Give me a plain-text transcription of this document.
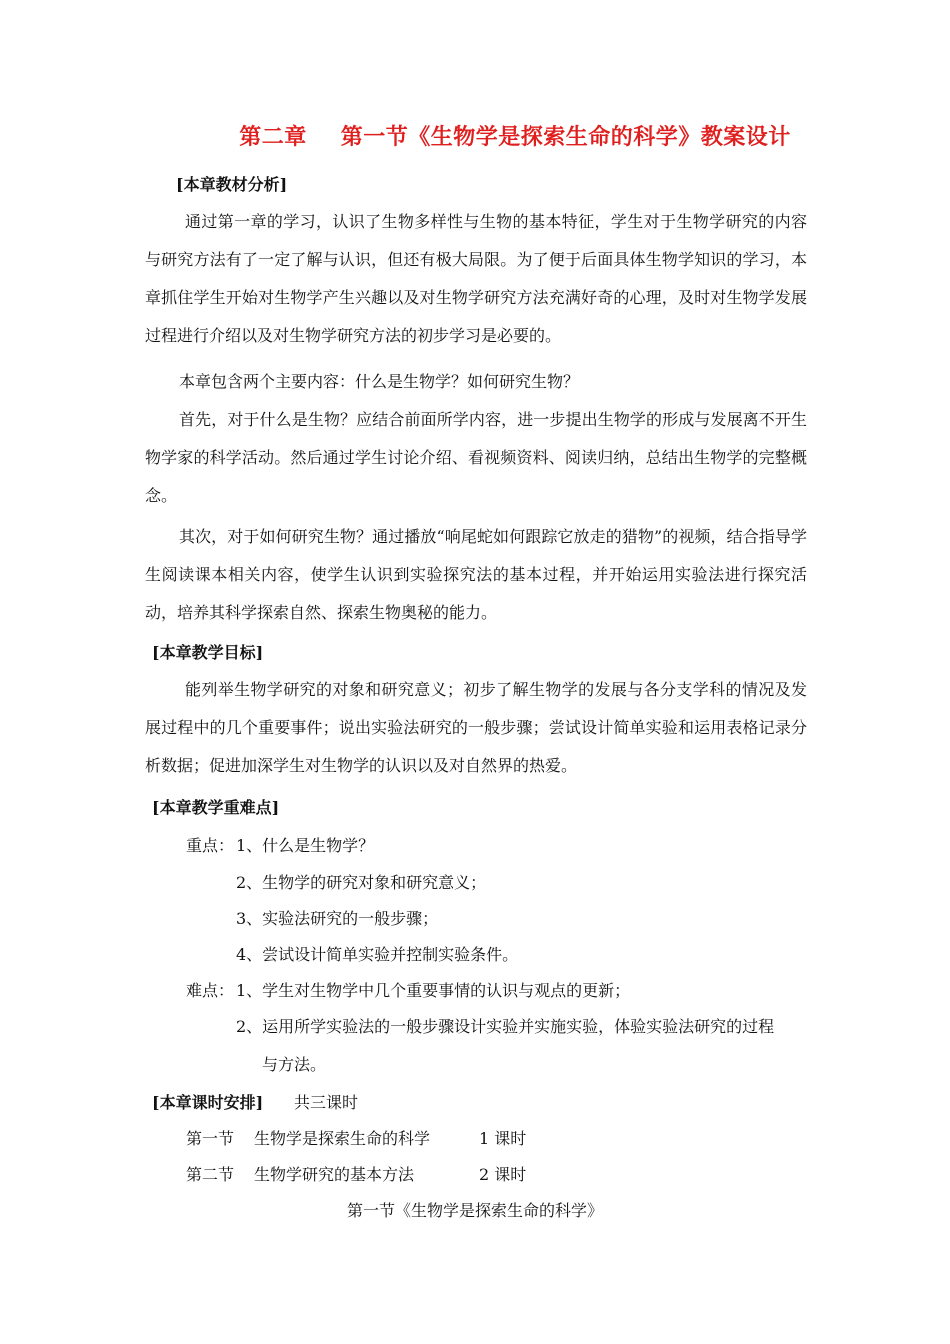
第二章 第一节《生物学是探索生命的科学》教案设计
[本章教材分析]
通过第一章的学习，认识了生物多样性与生物的基本特征，学生对于生物学研究的内容与研究方法有了一定了解与认识，但还有极大局限。为了便于后面具体生物学知识的学习，本章抓住学生开始对生物学产生兴趣以及对生物学研究方法充满好奇的心理，及时对生物学发展过程进行介绍以及对生物学研究方法的初步学习是必要的。
本章包含两个主要内容：什么是生物学？如何研究生物？
首先，对于什么是生物？应结合前面所学内容，进一步提出生物学的形成与发展离不开生物学家的科学活动。然后通过学生讨论介绍、看视频资料、阅读归纳，总结出生物学的完整概念。
其次，对于如何研究生物？通过播放“响尾蛇如何跟踪它放走的猎物”的视频，结合指导学生阅读课本相关内容，使学生认识到实验探究法的基本过程，并开始运用实验法进行探究活动，培养其科学探索自然、探索生物奥秘的能力。
[本章教学目标]
能列举生物学研究的对象和研究意义；初步了解生物学的发展与各分支学科的情况及发展过程中的几个重要事件；说出实验法研究的一般步骤；尝试设计简单实验和运用表格记录分析数据；促进加深学生对生物学的认识以及对自然界的热爱。
[本章教学重难点]
重点： 1、什么是生物学？
2、生物学的研究对象和研究意义；
3、实验法研究的一般步骤；
4、尝试设计简单实验并控制实验条件。
难点： 1、学生对生物学中几个重要事情的认识与观点的更新；
2、运用所学实验法的一般步骤设计实验并实施实验，体验实验法研究的过程
与方法。
[本章课时安排] 共三课时
第一节 生物学是探索生命的科学	1 课时
第二节 生物学研究的基本方法	2 课时
第一节《生物学是探索生命的科学》
